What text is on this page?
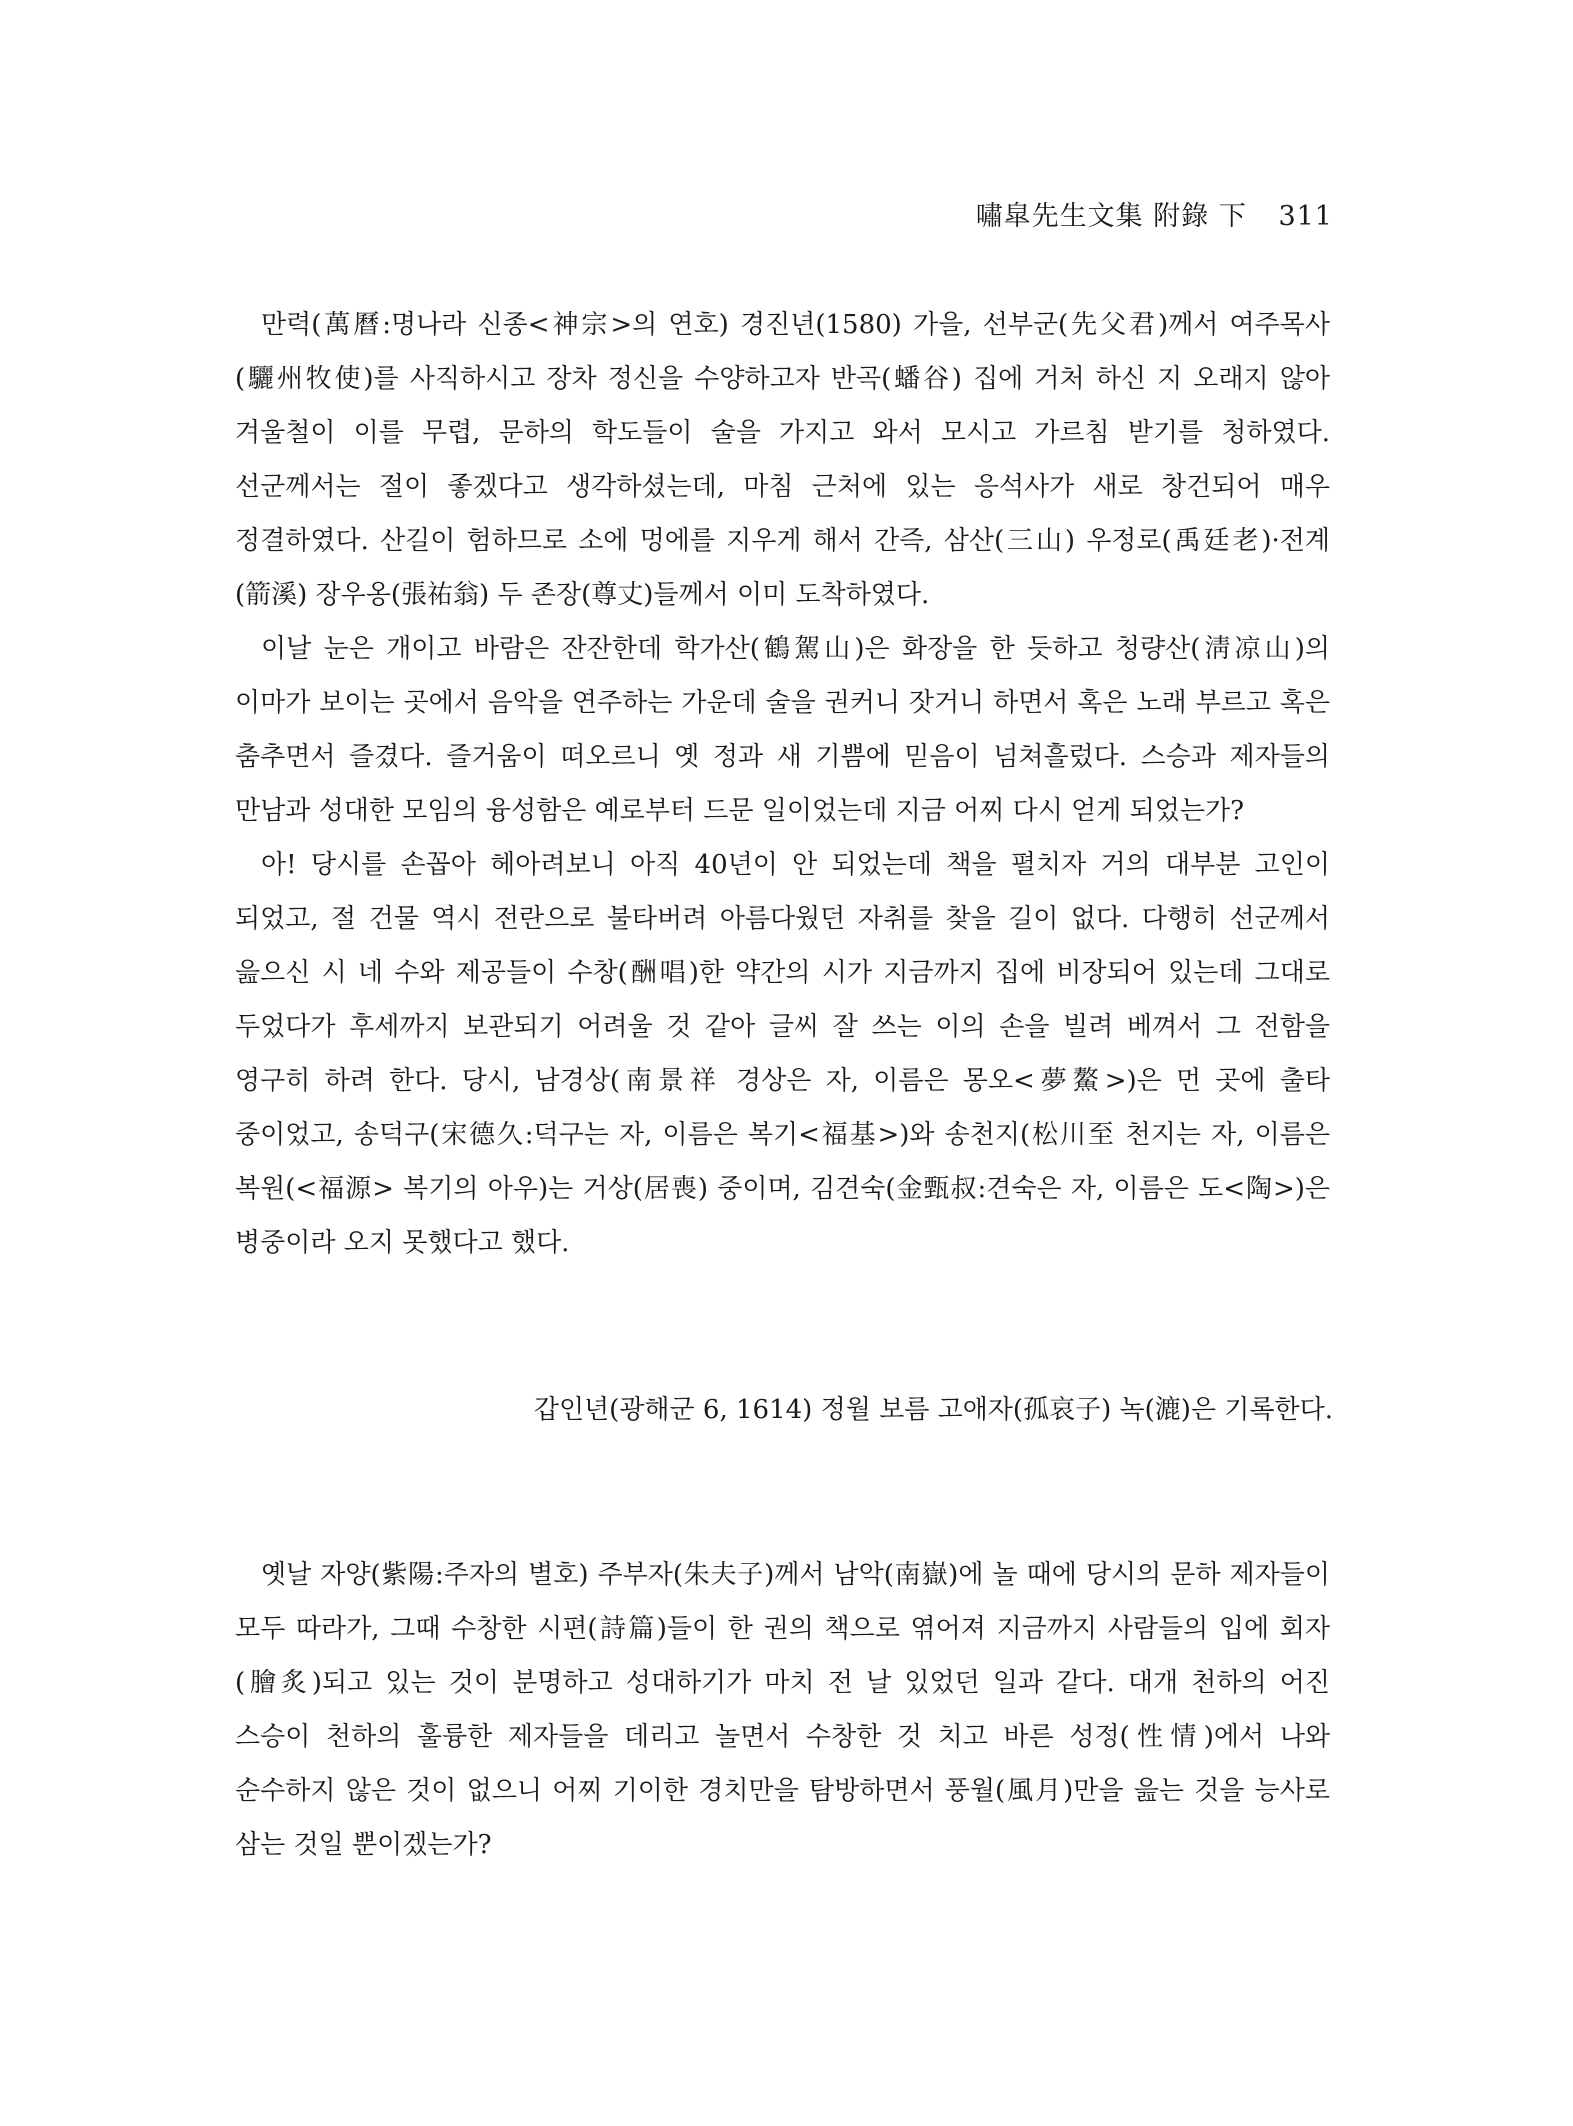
嘯皐先生文集 附錄 下 311

만력(萬曆:명나라 신종<神宗>의 연호) 경진년(1580) 가을, 선부군(先父君)께서 여주목사(驪州牧使)를 사직하시고 장차 정신을 수양하고자 반곡(蟠谷) 집에 거처 하신 지 오래지 않아 겨울철이 이를 무렵, 문하의 학도들이 술을 가지고 와서 모시고 가르침 받기를 청하였다. 선군께서는 절이 좋겠다고 생각하셨는데, 마침 근처에 있는 응석사가 새로 창건되어 매우 정결하였다. 산길이 험하므로 소에 멍에를 지우게 해서 간즉, 삼산(三山) 우정로(禹廷老)·전계(箭溪) 장우옹(張祐翁) 두 존장(尊丈)들께서 이미 도착하였다.

이날 눈은 개이고 바람은 잔잔한데 학가산(鶴駕山)은 화장을 한 듯하고 청량산(淸凉山)의 이마가 보이는 곳에서 음악을 연주하는 가운데 술을 권커니 잣거니 하면서 혹은 노래 부르고 혹은 춤추면서 즐겼다. 즐거움이 떠오르니 옛 정과 새 기쁨에 믿음이 넘쳐흘렀다. 스승과 제자들의 만남과 성대한 모임의 융성함은 예로부터 드문 일이었는데 지금 어찌 다시 얻게 되었는가?

아! 당시를 손꼽아 헤아려보니 아직 40년이 안 되었는데 책을 펼치자 거의 대부분 고인이 되었고, 절 건물 역시 전란으로 불타버려 아름다웠던 자취를 찾을 길이 없다. 다행히 선군께서 읊으신 시 네 수와 제공들이 수창(酬唱)한 약간의 시가 지금까지 집에 비장되어 있는데 그대로 두었다가 후세까지 보관되기 어려울 것 같아 글씨 잘 쓰는 이의 손을 빌려 베껴서 그 전함을 영구히 하려 한다. 당시, 남경상(南景祥 경상은 자, 이름은 몽오<夢鰲>)은 먼 곳에 출타 중이었고, 송덕구(宋德久:덕구는 자, 이름은 복기<福基>)와 송천지(松川至 천지는 자, 이름은 복원(<福源> 복기의 아우)는 거상(居喪) 중이며, 김견숙(金甄叔:견숙은 자, 이름은 도<陶>)은 병중이라 오지 못했다고 했다.

갑인년(광해군 6, 1614) 정월 보름 고애자(孤哀子) 녹(漉)은 기록한다.

옛날 자양(紫陽:주자의 별호) 주부자(朱夫子)께서 남악(南嶽)에 놀 때에 당시의 문하 제자들이 모두 따라가, 그때 수창한 시편(詩篇)들이 한 권의 책으로 엮어져 지금까지 사람들의 입에 회자(膾炙)되고 있는 것이 분명하고 성대하기가 마치 전 날 있었던 일과 같다. 대개 천하의 어진 스승이 천하의 훌륭한 제자들을 데리고 놀면서 수창한 것 치고 바른 성정(性情)에서 나와 순수하지 않은 것이 없으니 어찌 기이한 경치만을 탐방하면서 풍월(風月)만을 읊는 것을 능사로 삼는 것일 뿐이겠는가?
